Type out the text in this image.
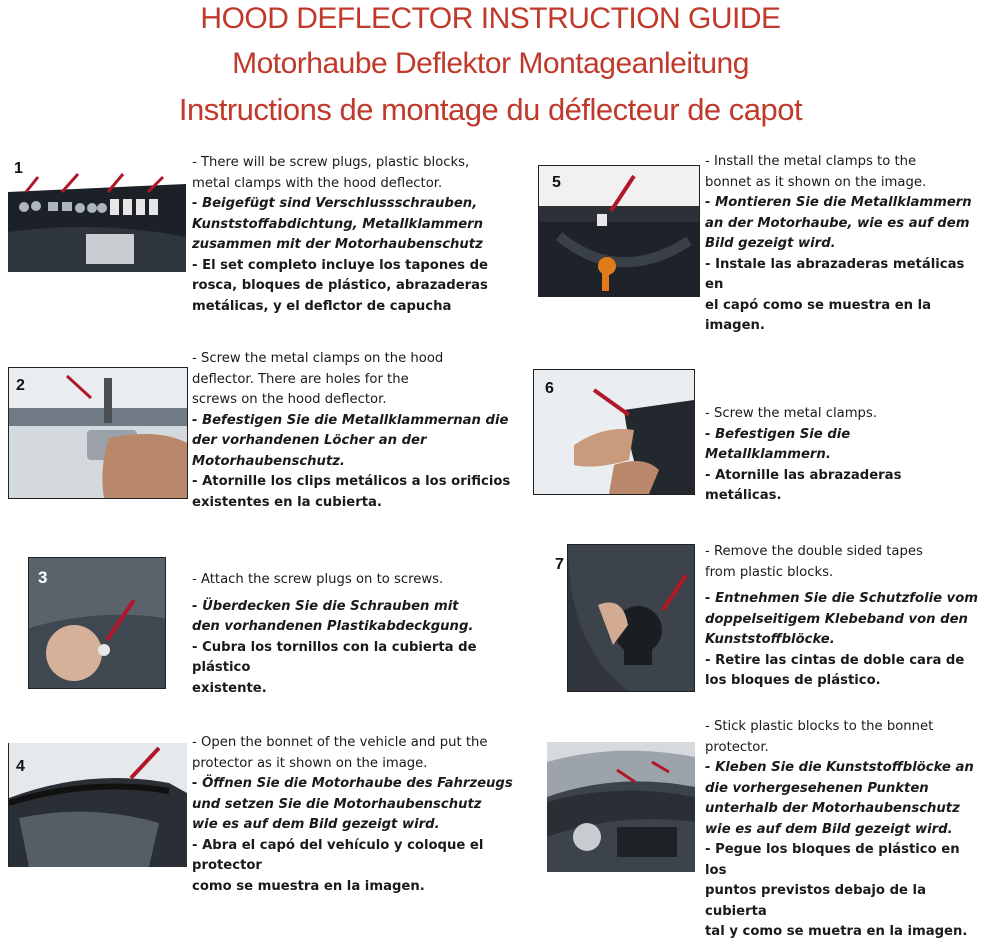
HOOD DEFLECTOR INSTRUCTION GUIDE
Motorhaube Deflektor Montageanleitung
Instructions de montage du déflecteur de capot
1	- There will be screw plugs, plastic blocks,

metal clamps with the hood deflector.

- Beigefügt sind Verschlussschrauben,

Kunststoffabdichtung, Metallklammern

zusammen mit der Motorhaubenschutz

- El set completo incluye los tapones de

rosca, bloques de plástico, abrazaderas

metálicas, y el deflctor de capucha

2

- Screw the metal clamps on the hood

deflector. There are holes for the

screws on the hood deflector.

- Befestigen Sie die Metallklammernan die

der vorhandenen Löcher an der

Motorhaubenschutz.

- Atornille los clips metálicos a los orificios

existentes en la cubierta.

3	- Attach the screw plugs on to screws.

- Überdecken Sie die Schrauben mit

den vorhandenen Plastikabdeckgung.

- Cubra los tornillos con la cubierta de plástico

existente.

4

- Open the bonnet of the vehicle and put the

protector as it shown on the image.

- Öffnen Sie die Motorhaube des Fahrzeugs

und setzen Sie die Motorhaubenschutz

wie es auf dem Bild gezeigt wird.

- Abra el capó del vehículo y coloque el protector

como se muestra en la imagen.

5

- Install the metal clamps to the

bonnet as it shown on the image.

- Montieren Sie die Metallklammern

an der Motorhaube, wie es auf dem

Bild gezeigt wird.

- Instale las abrazaderas metálicas en

el capó como se muestra en la imagen.

6

- Screw the metal clamps.

- Befestigen Sie die Metallklammern.

- Atornille las abrazaderas metálicas.

7

- Remove the double sided tapes

from plastic blocks.

- Entnehmen Sie die Schutzfolie vom

doppelseitigem Klebeband von den

Kunststoffblöcke.

- Retire las cintas de doble cara de

los bloques de plástico.

- Stick plastic blocks to the bonnet

protector.

- Kleben Sie die Kunststoffblöcke an

die vorhergesehenen Punkten

unterhalb der Motorhaubenschutz

wie es auf dem Bild gezeigt wird.

- Pegue los bloques de plástico en los

puntos previstos debajo de la cubierta

tal y como se muetra en la imagen.
